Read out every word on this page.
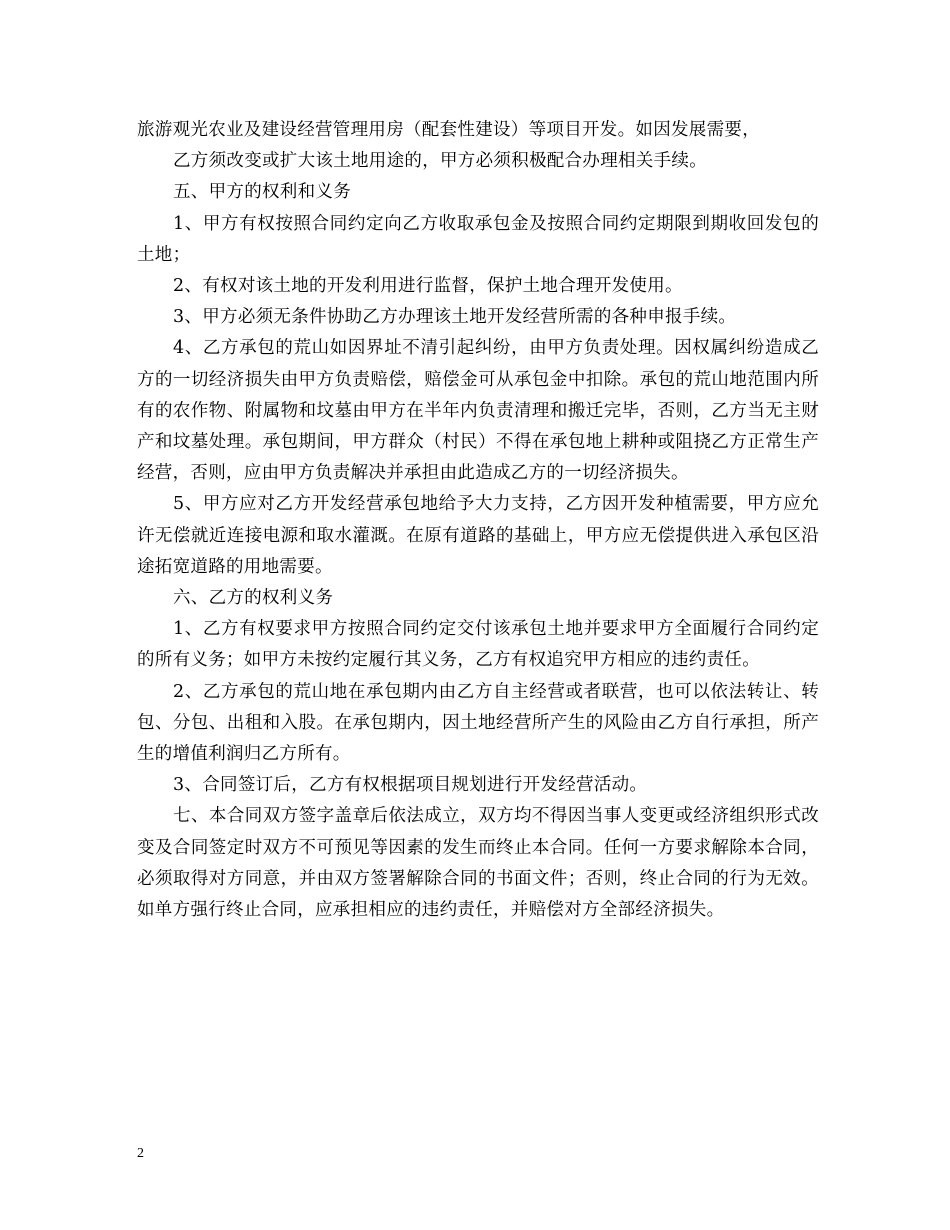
旅游观光农业及建设经营管理用房（配套性建设）等项目开发。如因发展需要，

乙方须改变或扩大该土地用途的，甲方必须积极配合办理相关手续。

五、甲方的权利和义务

1、甲方有权按照合同约定向乙方收取承包金及按照合同约定期限到期收回发包的土地；

2、有权对该土地的开发利用进行监督，保护土地合理开发使用。

3、甲方必须无条件协助乙方办理该土地开发经营所需的各种申报手续。

4、乙方承包的荒山如因界址不清引起纠纷，由甲方负责处理。因权属纠纷造成乙方的一切经济损失由甲方负责赔偿，赔偿金可从承包金中扣除。承包的荒山地范围内所有的农作物、附属物和坟墓由甲方在半年内负责清理和搬迁完毕，否则，乙方当无主财产和坟墓处理。承包期间，甲方群众（村民）不得在承包地上耕种或阻挠乙方正常生产经营，否则，应由甲方负责解决并承担由此造成乙方的一切经济损失。

5、甲方应对乙方开发经营承包地给予大力支持，乙方因开发种植需要，甲方应允许无偿就近连接电源和取水灌溉。在原有道路的基础上，甲方应无偿提供进入承包区沿途拓宽道路的用地需要。

六、乙方的权利义务

1、乙方有权要求甲方按照合同约定交付该承包土地并要求甲方全面履行合同约定的所有义务；如甲方未按约定履行其义务，乙方有权追究甲方相应的违约责任。

2、乙方承包的荒山地在承包期内由乙方自主经营或者联营，也可以依法转让、转包、分包、出租和入股。在承包期内，因土地经营所产生的风险由乙方自行承担，所产生的增值利润归乙方所有。

3、合同签订后，乙方有权根据项目规划进行开发经营活动。

七、本合同双方签字盖章后依法成立，双方均不得因当事人变更或经济组织形式改变及合同签定时双方不可预见等因素的发生而终止本合同。任何一方要求解除本合同，必须取得对方同意，并由双方签署解除合同的书面文件；否则，终止合同的行为无效。如单方强行终止合同，应承担相应的违约责任，并赔偿对方全部经济损失。

2
